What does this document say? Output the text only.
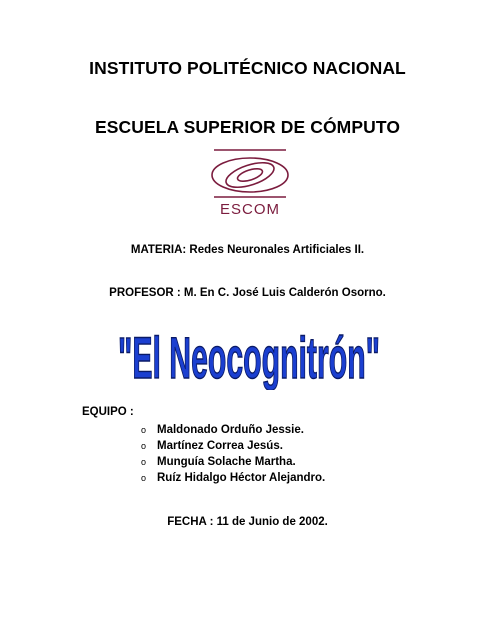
INSTITUTO POLITÉCNICO NACIONAL
ESCUELA SUPERIOR DE CÓMPUTO
ESCOM
MATERIA: Redes Neuronales Artificiales II.
PROFESOR : M. En C. José Luis Calderón Osorno.
"El Neocognitrón"
EQUIPO :
o Maldonado Orduño Jessie.
o Martínez Correa Jesús.
o Munguía Solache Martha.
o Ruíz Hidalgo Héctor Alejandro.
FECHA : 11 de Junio de 2002.
